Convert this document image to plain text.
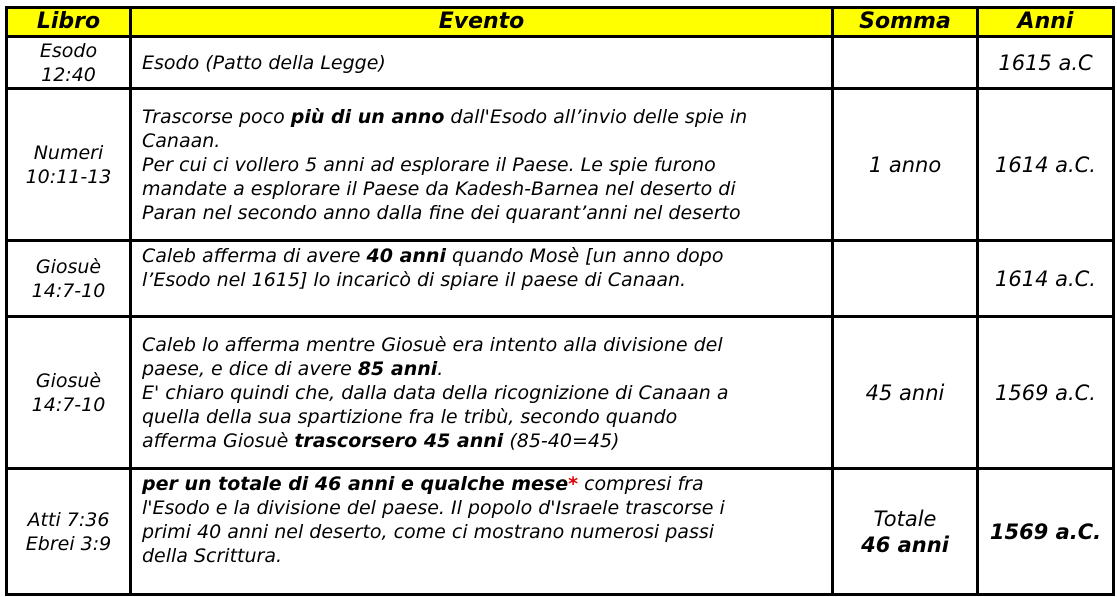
Libro	Evento	Somma	Anni

Esodo
12:40	Esodo (Patto della Legge)		1615 a.C

Numeri
10:11-13	Trascorse poco più di un anno dall'Esodo all’invio delle spie in
Canaan.
Per cui ci vollero 5 anni ad esplorare il Paese. Le spie furono
mandate a esplorare il Paese da Kadesh-Barnea nel deserto di
Paran nel secondo anno dalla fine dei quarant’anni nel deserto	1 anno	1614 a.C.

Giosuè
14:7-10	Caleb afferma di avere 40 anni quando Mosè [un anno dopo
l’Esodo nel 1615] lo incaricò di spiare il paese di Canaan.		1614 a.C.

Giosuè
14:7-10	Caleb lo afferma mentre Giosuè era intento alla divisione del
paese, e dice di avere 85 anni.
E' chiaro quindi che, dalla data della ricognizione di Canaan a
quella della sua spartizione fra le tribù, secondo quando
afferma Giosuè trascorsero 45 anni (85-40=45)	45 anni	1569 a.C.

Atti 7:36
Ebrei 3:9	per un totale di 46 anni e qualche mese* compresi fra
l'Esodo e la divisione del paese. Il popolo d'Israele trascorse i
primi 40 anni nel deserto, come ci mostrano numerosi passi
della Scrittura.	Totale
46 anni	1569 a.C.
